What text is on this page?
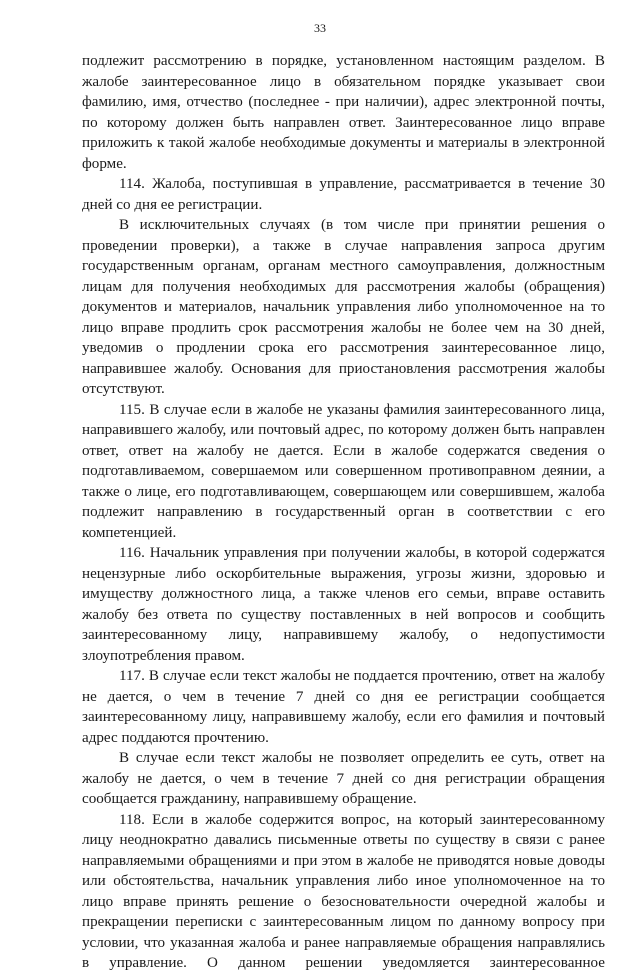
33

подлежит рассмотрению в порядке, установленном настоящим разделом. В жалобе заинтересованное лицо в обязательном порядке указывает свои фамилию, имя, отчество (последнее - при наличии), адрес электронной почты, по которому должен быть направлен ответ. Заинтересованное лицо вправе приложить к такой жалобе необходимые документы и материалы в электронной форме.

114. Жалоба, поступившая в управление, рассматривается в течение 30 дней со дня ее регистрации.

В исключительных случаях (в том числе при принятии решения о проведении проверки), а также в случае направления запроса другим государственным органам, органам местного самоуправления, должностным лицам для получения необходимых для рассмотрения жалобы (обращения) документов и материалов, начальник управления либо уполномоченное на то лицо вправе продлить срок рассмотрения жалобы не более чем на 30 дней, уведомив о продлении срока его рассмотрения заинтересованное лицо, направившее жалобу. Основания для приостановления рассмотрения жалобы отсутствуют.

115. В случае если в жалобе не указаны фамилия заинтересованного лица, направившего жалобу, или почтовый адрес, по которому должен быть направлен ответ, ответ на жалобу не дается. Если в жалобе содержатся сведения о подготавливаемом, совершаемом или совершенном противоправном деянии, а также о лице, его подготавливающем, совершающем или совершившем, жалоба подлежит направлению в государственный орган в соответствии с его компетенцией.

116. Начальник управления при получении жалобы, в которой содержатся нецензурные либо оскорбительные выражения, угрозы жизни, здоровью и имуществу должностного лица, а также членов его семьи, вправе оставить жалобу без ответа по существу поставленных в ней вопросов и сообщить заинтересованному лицу, направившему жалобу, о недопустимости злоупотребления правом.

117. В случае если текст жалобы не поддается прочтению, ответ на жалобу не дается, о чем в течение 7 дней со дня ее регистрации сообщается заинтересованному лицу, направившему жалобу, если его фамилия и почтовый адрес поддаются прочтению.

В случае если текст жалобы не позволяет определить ее суть, ответ на жалобу не дается, о чем в течение 7 дней со дня регистрации обращения сообщается гражданину, направившему обращение.

118. Если в жалобе содержится вопрос, на который заинтересованному лицу неоднократно давались письменные ответы по существу в связи с ранее направляемыми обращениями и при этом в жалобе не приводятся новые доводы или обстоятельства, начальник управления либо иное уполномоченное на то лицо вправе принять решение о безосновательности очередной жалобы и прекращении переписки с заинтересованным лицом по данному вопросу при условии, что указанная жалоба и ранее направляемые обращения направлялись в управление. О данном решении уведомляется заинтересованное
